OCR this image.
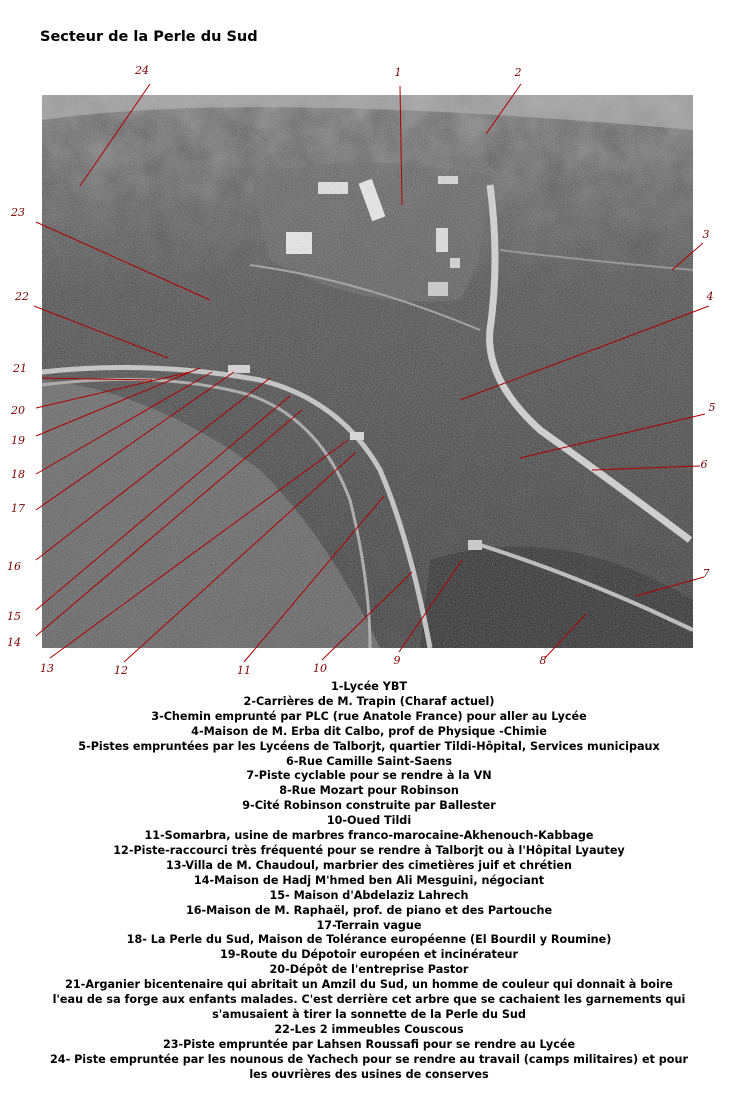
Secteur de la Perle du Sud
1	2
3
4
5
6
7
8
9
10
11
12
13
14
15
16
17
18
19
20
21
22
23
24
1-Lycée YBT
2-Carrières de M. Trapin (Charaf actuel)
3-Chemin emprunté par PLC (rue Anatole France) pour aller au Lycée
4-Maison de M. Erba dit Calbo, prof de Physique -Chimie
5-Pistes empruntées par les Lycéens de Talborjt, quartier Tildi-Hôpital, Services municipaux
6-Rue Camille Saint-Saens
7-Piste cyclable pour se rendre à la VN
8-Rue Mozart pour Robinson
9-Cité Robinson construite par Ballester
10-Oued Tildi
11-Somarbra, usine de marbres franco-marocaine-Akhenouch-Kabbage
12-Piste-raccourci très fréquenté pour se rendre à Talborjt ou à l'Hôpital Lyautey
13-Villa de M. Chaudoul, marbrier des cimetières juif et chrétien
14-Maison de Hadj M'hmed ben Ali Mesguini, négociant
15- Maison d'Abdelaziz Lahrech
16-Maison de M. Raphaël, prof. de piano et des Partouche
17-Terrain vague
18- La Perle du Sud, Maison de Tolérance européenne (El Bourdil y Roumine)
19-Route du Dépotoir européen et incinérateur
20-Dépôt de l'entreprise Pastor
21-Arganier bicentenaire qui abritait un Amzil du Sud, un homme de couleur qui donnait à boire
l'eau de sa forge aux enfants malades. C'est derrière cet arbre que se cachaient les garnements qui
s'amusaient à tirer la sonnette de la Perle du Sud
22-Les 2 immeubles Couscous
23-Piste empruntée par Lahsen Roussafi pour se rendre au Lycée
24- Piste empruntée par les nounous de Yachech pour se rendre au travail (camps militaires) et pour
les ouvrières des usines de conserves
